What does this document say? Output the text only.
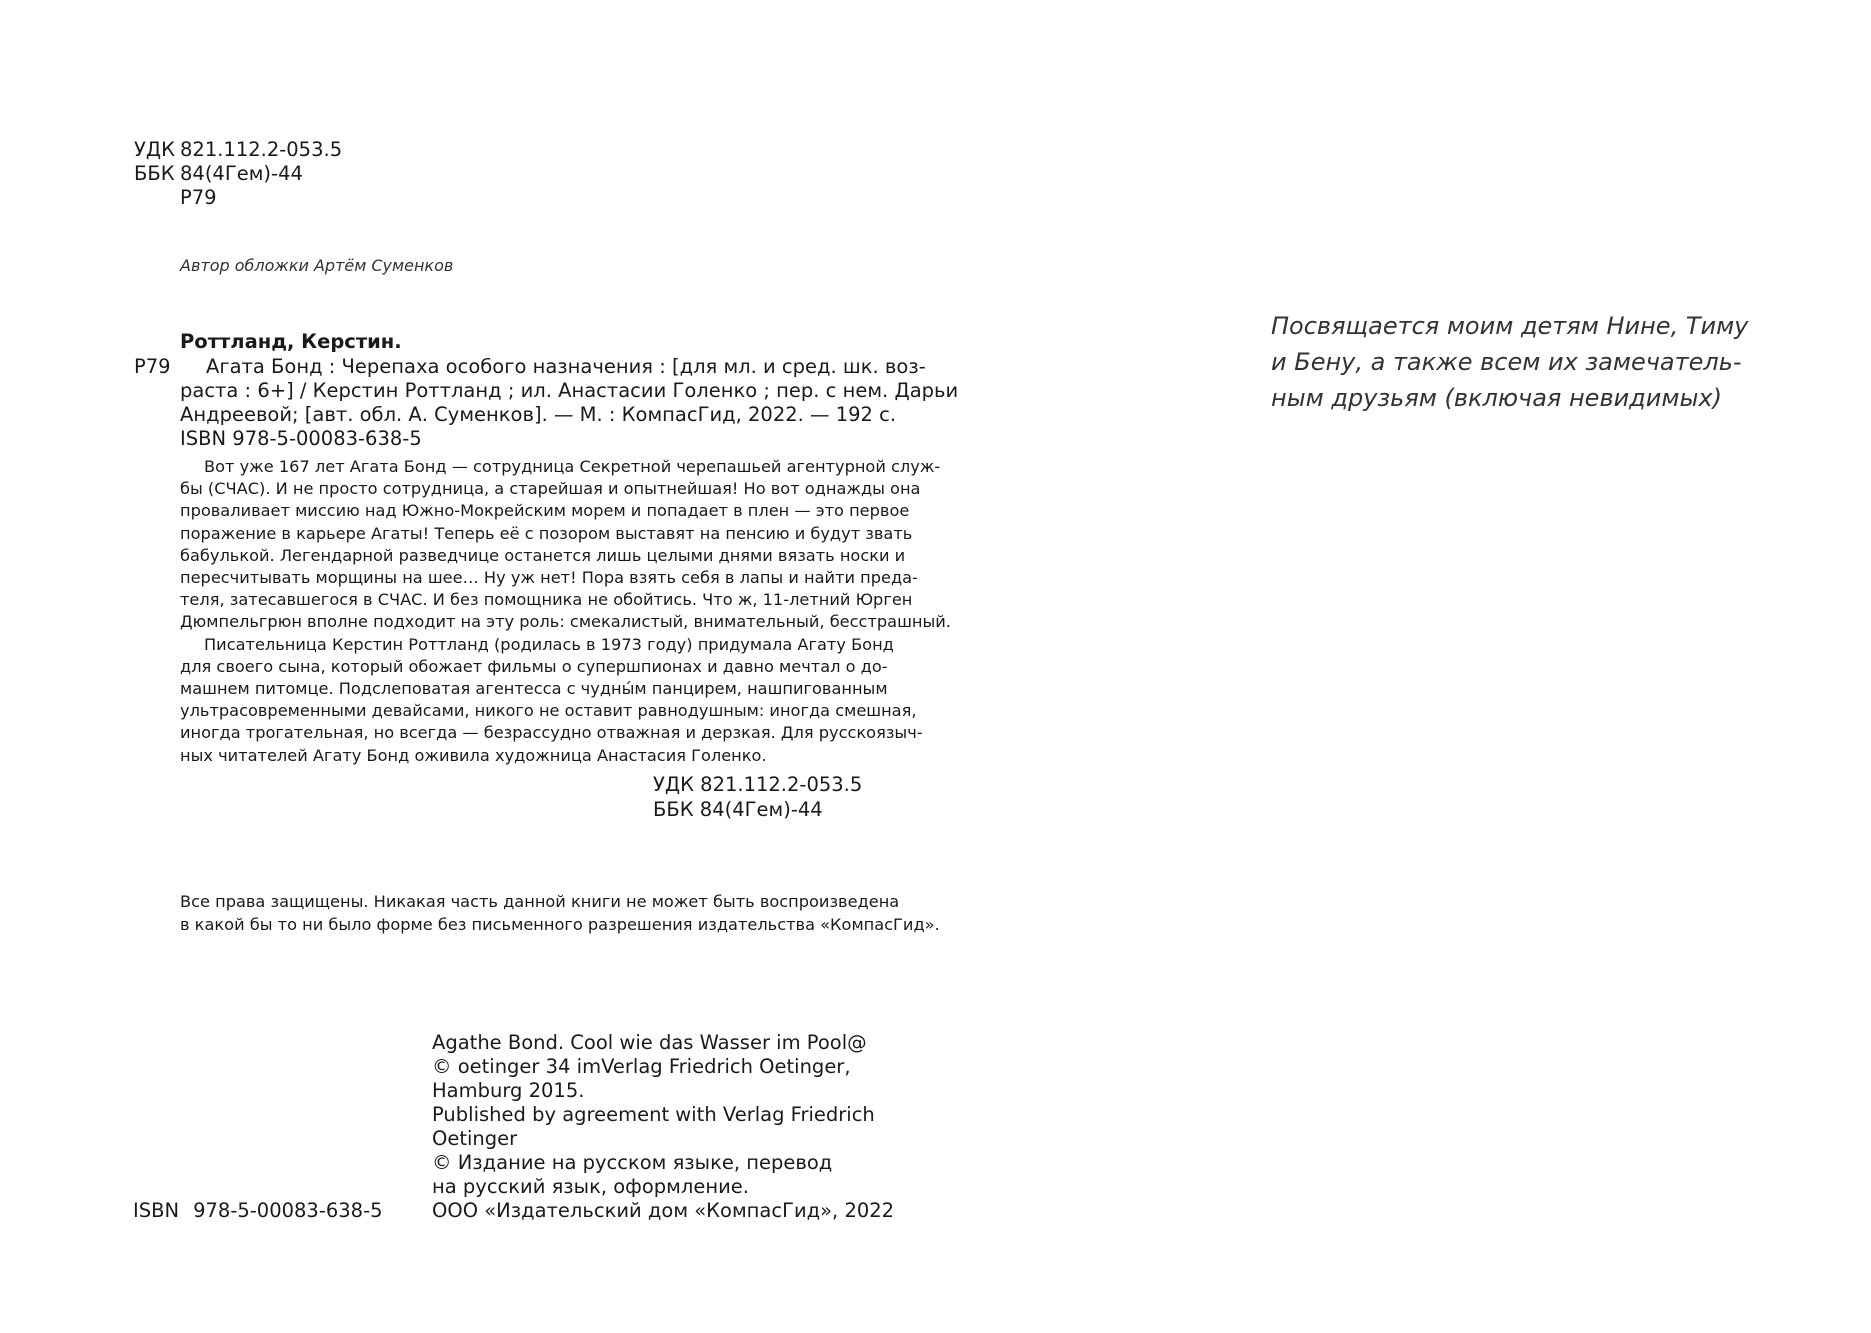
УДК 821.112.2-053.5
ББК 84(4Гем)-44
Р79
Автор обложки Артём Суменков
Роттланд, Керстин.
Р79	Агата Бонд : Черепаха особого назначения : [для мл. и сред. шк. воз-
раста : 6+] / Керстин Роттланд ; ил. Анастасии Голенко ; пер. с нем. Дарьи
Андреевой; [авт. обл. А. Суменков]. — М. : КомпасГид, 2022. — 192 с.
ISBN 978-5-00083-638-5
Вот уже 167 лет Агата Бонд — сотрудница Секретной черепашьей агентурной служ-
бы (СЧАС). И не просто сотрудница, а старейшая и опытнейшая! Но вот однажды она
проваливает миссию над Южно-Мокрейским морем и попадает в плен — это первое
поражение в карьере Агаты! Теперь её с позором выставят на пенсию и будут звать
бабулькой. Легендарной разведчице останется лишь целыми днями вязать носки и
пересчитывать морщины на шее… Ну уж нет! Пора взять себя в лапы и найти преда-
теля, затесавшегося в СЧАС. И без помощника не обойтись. Что ж, 11-летний Юрген
Дюмпельгрюн вполне подходит на эту роль: смекалистый, внимательный, бесстрашный.
Писательница Керстин Роттланд (родилась в 1973 году) придумала Агату Бонд
для своего сына, который обожает фильмы о супершпионах и давно мечтал о до-
машнем питомце. Подслеповатая агентесса с чудны́м панцирем, нашпигованным
ультрасовременными девайсами, никого не оставит равнодушным: иногда смешная,
иногда трогательная, но всегда — безрассудно отважная и дерзкая. Для русскоязыч-
ных читателей Агату Бонд оживила художница Анастасия Голенко.
УДК 821.112.2-053.5
ББК 84(4Гем)-44
Все права защищены. Никакая часть данной книги не может быть воспроизведена
в какой бы то ни было форме без письменного разрешения издательства «КомпасГид».
Agathe Bond. Cool wie das Wasser im Pool@
© oetinger 34 imVerlag Friedrich Oetinger,
Hamburg 2015.
Published by agreement with Verlag Friedrich
Oetinger
© Издание на русском языке, перевод
на русский язык, оформление.
ООО «Издательский дом «КомпасГид», 2022
ISBN 978-5-00083-638-5
Посвящается моим детям Нине, Тиму
и Бену, а также всем их замечатель-
ным друзьям (включая невидимых)
